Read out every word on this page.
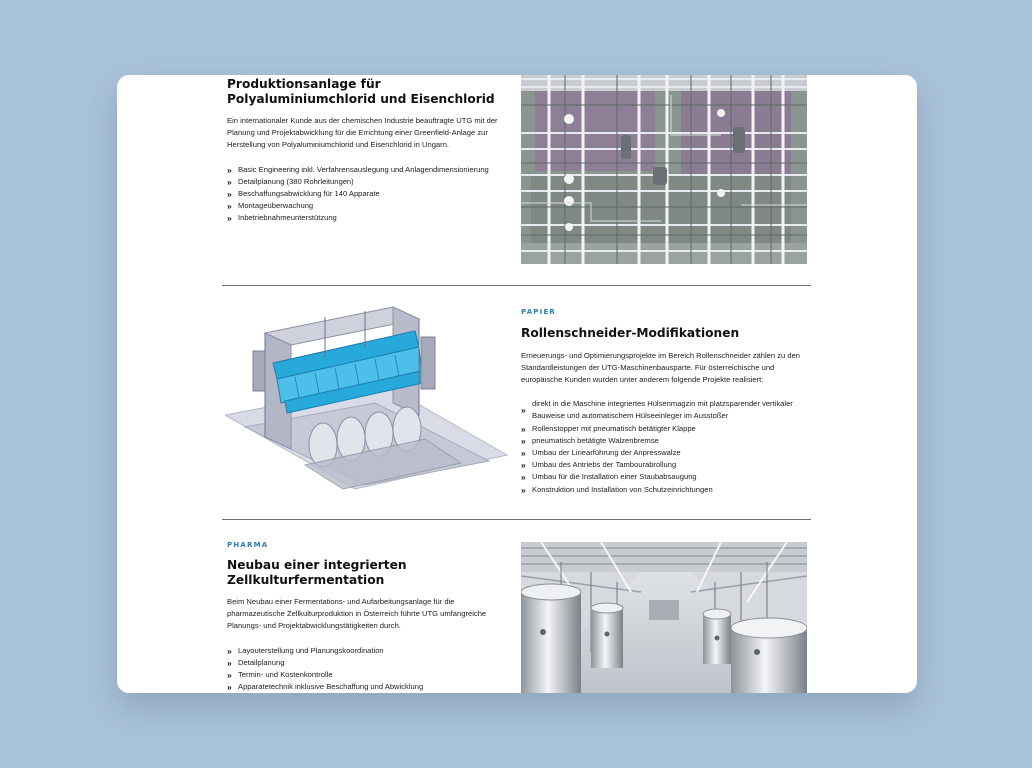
Produktionsanlage für Polyaluminiumchlorid und Eisenchlorid

Ein internationaler Kunde aus der chemischen Industrie beauftragte UTG mit der Planung und Projektabwicklung für die Errichtung einer Greenfield-Anlage zur Herstellung von Polyaluminiumchlorid und Eisenchlorid in Ungarn.

» Basic Engineering inkl. Verfahrensauslegung und Anlagendimensionierung
» Detailplanung (380 Rohrleitungen)
» Beschaffungsabwicklung für 140 Apparate
» Montageüberwachung
» Inbetriebnahmeunterstützung
PAPIER
Rollenschneider-Modifikationen

Erneuerungs- und Optimierungsprojekte im Bereich Rollenschneider zählen zu den Standardleistungen der UTG-Maschinenbausparte. Für österreichische und europäische Kunden wurden unter anderem folgende Projekte realisiert:

»
direkt in die Maschine integriertes Hülsenmagzin mit platzsparender vertikaler Bauweise und automatischem Hülseeinleger im Ausstoßer
» Rollenstopper mit pneumatisch betätigter Klappe
» pneumatisch betätigte Walzenbremse
» Umbau der Linearführung der Anpresswalze
» Umbau des Antriebs der Tambourabrollung
» Umbau für die Installation einer Staubabsaugung
» Konstruktion und Installation von Schutzeinrichtungen
PHARMA
Neubau einer integrierten Zellkulturfermentation

Beim Neubau einer Fermentations- und Aufarbeitungsanlage für die pharmazeutische Zellkulturproduktion in Österreich führte UTG umfangreiche Planungs- und Projektabwicklungstätigkeiten durch.

» Layouterstellung und Planungskoordination
» Detailplanung
» Termin- und Kostenkontrolle
» Apparatetechnik inklusive Beschaffung und Abwicklung
